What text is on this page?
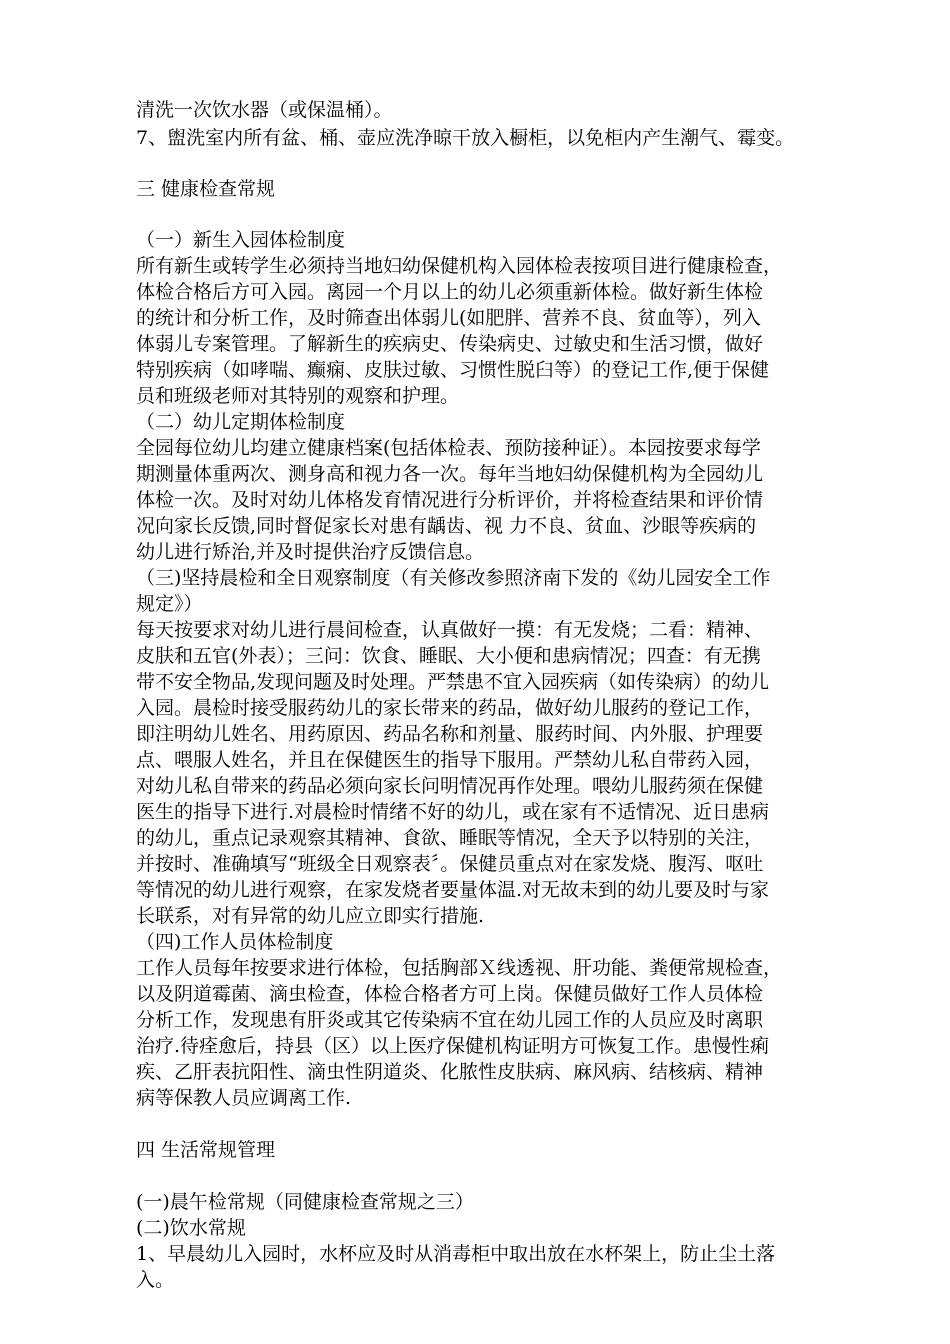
清洗一次饮水器（或保温桶）。
7、盥洗室内所有盆、桶、壶应洗净晾干放入橱柜，以免柜内产生潮气、霉变。
三 健康检查常规
（一）新生入园体检制度
所有新生或转学生必须持当地妇幼保健机构入园体检表按项目进行健康检查，
体检合格后方可入园。离园一个月以上的幼儿必须重新体检。做好新生体检
的统计和分析工作，及时筛查出体弱儿(如肥胖、营养不良、贫血等），列入
体弱儿专案管理。了解新生的疾病史、传染病史、过敏史和生活习惯，做好
特别疾病（如哮喘、癫痫、皮肤过敏、习惯性脱臼等）的登记工作,便于保健
员和班级老师对其特别的观察和护理。
（二）幼儿定期体检制度
全园每位幼儿均建立健康档案(包括体检表、预防接种证）。本园按要求每学
期测量体重两次、测身高和视力各一次。每年当地妇幼保健机构为全园幼儿
体检一次。及时对幼儿体格发育情况进行分析评价，并将检查结果和评价情
况向家长反馈,同时督促家长对患有龋齿、视 力不良、贫血、沙眼等疾病的
幼儿进行矫治,并及时提供治疗反馈信息。
（三)坚持晨检和全日观察制度（有关修改参照济南下发的《幼儿园安全工作
规定》）
每天按要求对幼儿进行晨间检查，认真做好一摸：有无发烧；二看：精神、
皮肤和五官(外表）；三问：饮食、睡眠、大小便和患病情况；四查：有无携
带不安全物品,发现问题及时处理。严禁患不宜入园疾病（如传染病）的幼儿
入园。晨检时接受服药幼儿的家长带来的药品，做好幼儿服药的登记工作，
即注明幼儿姓名、用药原因、药品名称和剂量、服药时间、内外服、护理要
点、喂服人姓名，并且在保健医生的指导下服用。严禁幼儿私自带药入园，
对幼儿私自带来的药品必须向家长问明情况再作处理。喂幼儿服药须在保健
医生的指导下进行.对晨检时情绪不好的幼儿，或在家有不适情况、近日患病
的幼儿，重点记录观察其精神、食欲、睡眠等情况，全天予以特别的关注，
并按时、准确填写“班级全日观察表〞。保健员重点对在家发烧、腹泻、呕吐
等情况的幼儿进行观察，在家发烧者要量体温.对无故未到的幼儿要及时与家
长联系，对有异常的幼儿应立即实行措施.
（四)工作人员体检制度
工作人员每年按要求进行体检，包括胸部Ｘ线透视、肝功能、粪便常规检查，
以及阴道霉菌、滴虫检查，体检合格者方可上岗。保健员做好工作人员体检
分析工作，发现患有肝炎或其它传染病不宜在幼儿园工作的人员应及时离职
治疗.待痊愈后，持县（区）以上医疗保健机构证明方可恢复工作。患慢性痢
疾、乙肝表抗阳性、滴虫性阴道炎、化脓性皮肤病、麻风病、结核病、精神
病等保教人员应调离工作.
四 生活常规管理
(一)晨午检常规（同健康检查常规之三）
(二)饮水常规
1、早晨幼儿入园时，水杯应及时从消毒柜中取出放在水杯架上，防止尘土落
入。
